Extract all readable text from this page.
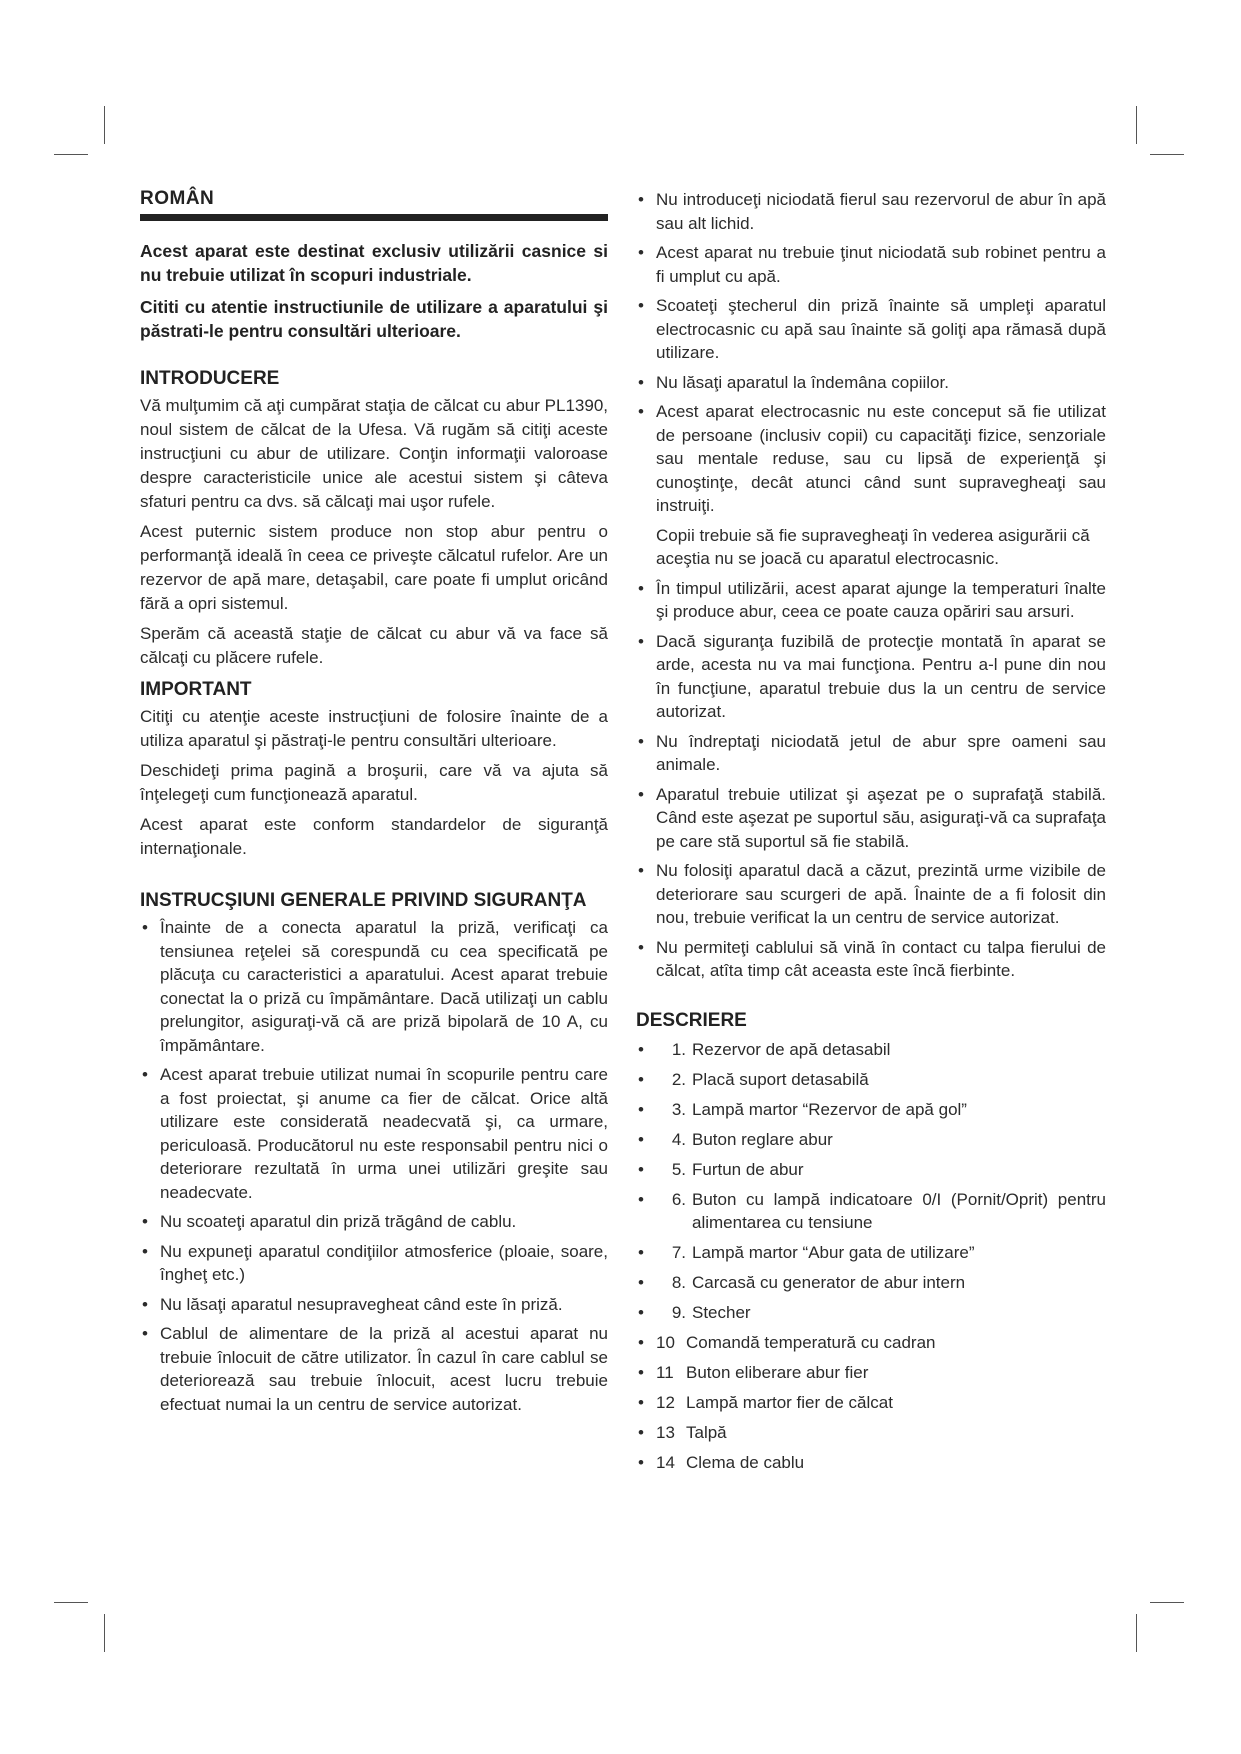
ROMÂN
Acest aparat este destinat exclusiv utilizării casnice si nu trebuie utilizat în scopuri industriale.
Cititi cu atentie instructiunile de utilizare a aparatului şi păstrati-le pentru consultări ulterioare.
INTRODUCERE

Vă mulţumim că aţi cumpărat staţia de călcat cu abur PL1390, noul sistem de călcat de la Ufesa. Vă rugăm să citiţi aceste instrucţiuni cu abur de utilizare. Conţin informaţii valoroase despre caracteristicile unice ale acestui sistem şi câteva sfaturi pentru ca dvs. să călcaţi mai uşor rufele.

Acest puternic sistem produce non stop abur pentru o performanţă ideală în ceea ce priveşte călcatul rufelor. Are un rezervor de apă mare, detaşabil, care poate fi umplut oricând fără a opri sistemul.

Sperăm că această staţie de călcat cu abur vă va face să călcaţi cu plăcere rufele.

IMPORTANT

Citiţi cu atenţie aceste instrucţiuni de folosire înainte de a utiliza aparatul şi păstraţi-le pentru consultări ulterioare.

Deschideţi prima pagină a broşurii, care vă va ajuta să înţelegeţi cum funcţionează aparatul.

Acest aparat este conform standardelor de siguranţă internaţionale.

INSTRUCŞIUNI GENERALE PRIVIND SIGURANŢA
• Înainte de a conecta aparatul la priză, verificaţi ca tensiunea reţelei să corespundă cu cea specificată pe plăcuţa cu caracteristici a aparatului. Acest aparat trebuie conectat la o priză cu împământare. Dacă utilizaţi un cablu prelungitor, asiguraţi-vă că are priză bipolară de 10 A, cu împământare.
• Acest aparat trebuie utilizat numai în scopurile pentru care a fost proiectat, şi anume ca fier de călcat. Orice altă utilizare este considerată neadecvată şi, ca urmare, periculoasă. Producătorul nu este responsabil pentru nici o deteriorare rezultată în urma unei utilizări greşite sau neadecvate.
• Nu scoateţi aparatul din priză trăgând de cablu.
• Nu expuneţi aparatul condiţiilor atmosferice (ploaie, soare, îngheţ etc.)
• Nu lăsaţi aparatul nesupravegheat când este în priză.
• Cablul de alimentare de la priză al acestui aparat nu trebuie înlocuit de către utilizator. În cazul în care cablul se deteriorează sau trebuie înlocuit, acest lucru trebuie efectuat numai la un centru de service autorizat.
• Nu introduceţi niciodată fierul sau rezervorul de abur în apă sau alt lichid.
• Acest aparat nu trebuie ţinut niciodată sub robinet pentru a fi umplut cu apă.
• Scoateţi ştecherul din priză înainte să umpleţi aparatul electrocasnic cu apă sau înainte să goliţi apa rămasă după utilizare.
• Nu lăsaţi aparatul la îndemâna copiilor.
• Acest aparat electrocasnic nu este conceput să fie utilizat de persoane (inclusiv copii) cu capacităţi fizice, senzoriale sau mentale reduse, sau cu lipsă de experienţă şi cunoştinţe, decât atunci când sunt supravegheaţi sau instruiţi.
Copii trebuie să fie supravegheaţi în vederea asigurării că aceştia nu se joacă cu aparatul electrocasnic.
• În timpul utilizării, acest aparat ajunge la temperaturi înalte şi produce abur, ceea ce poate cauza opăriri sau arsuri.
• Dacă siguranţa fuzibilă de protecţie montată în aparat se arde, acesta nu va mai funcţiona. Pentru a-l pune din nou în funcţiune, aparatul trebuie dus la un centru de service autorizat.
• Nu îndreptaţi niciodată jetul de abur spre oameni sau animale.
• Aparatul trebuie utilizat şi aşezat pe o suprafaţă stabilă. Când este aşezat pe suportul său, asiguraţi-vă ca suprafaţa pe care stă suportul să fie stabilă.
• Nu folosiţi aparatul dacă a căzut, prezintă urme vizibile de deteriorare sau scurgeri de apă. Înainte de a fi folosit din nou, trebuie verificat la un centru de service autorizat.
• Nu permiteţi cablului să vină în contact cu talpa fierului de călcat, atîta timp cât aceasta este încă fierbinte.
DESCRIERE
• 1. Rezervor de apă detasabil
• 2. Placă suport detasabilă
• 3. Lampă martor “Rezervor de apă gol”
• 4. Buton reglare abur
• 5. Furtun de abur
• 6. Buton cu lampă indicatoare 0/I (Pornit/Oprit) pentru alimentarea cu tensiune
• 7. Lampă martor “Abur gata de utilizare”
• 8. Carcasă cu generator de abur intern
• 9. Stecher
• 10 Comandă temperatură cu cadran
• 11 Buton eliberare abur fier
• 12 Lampă martor fier de călcat
• 13 Talpă
• 14 Clema de cablu
